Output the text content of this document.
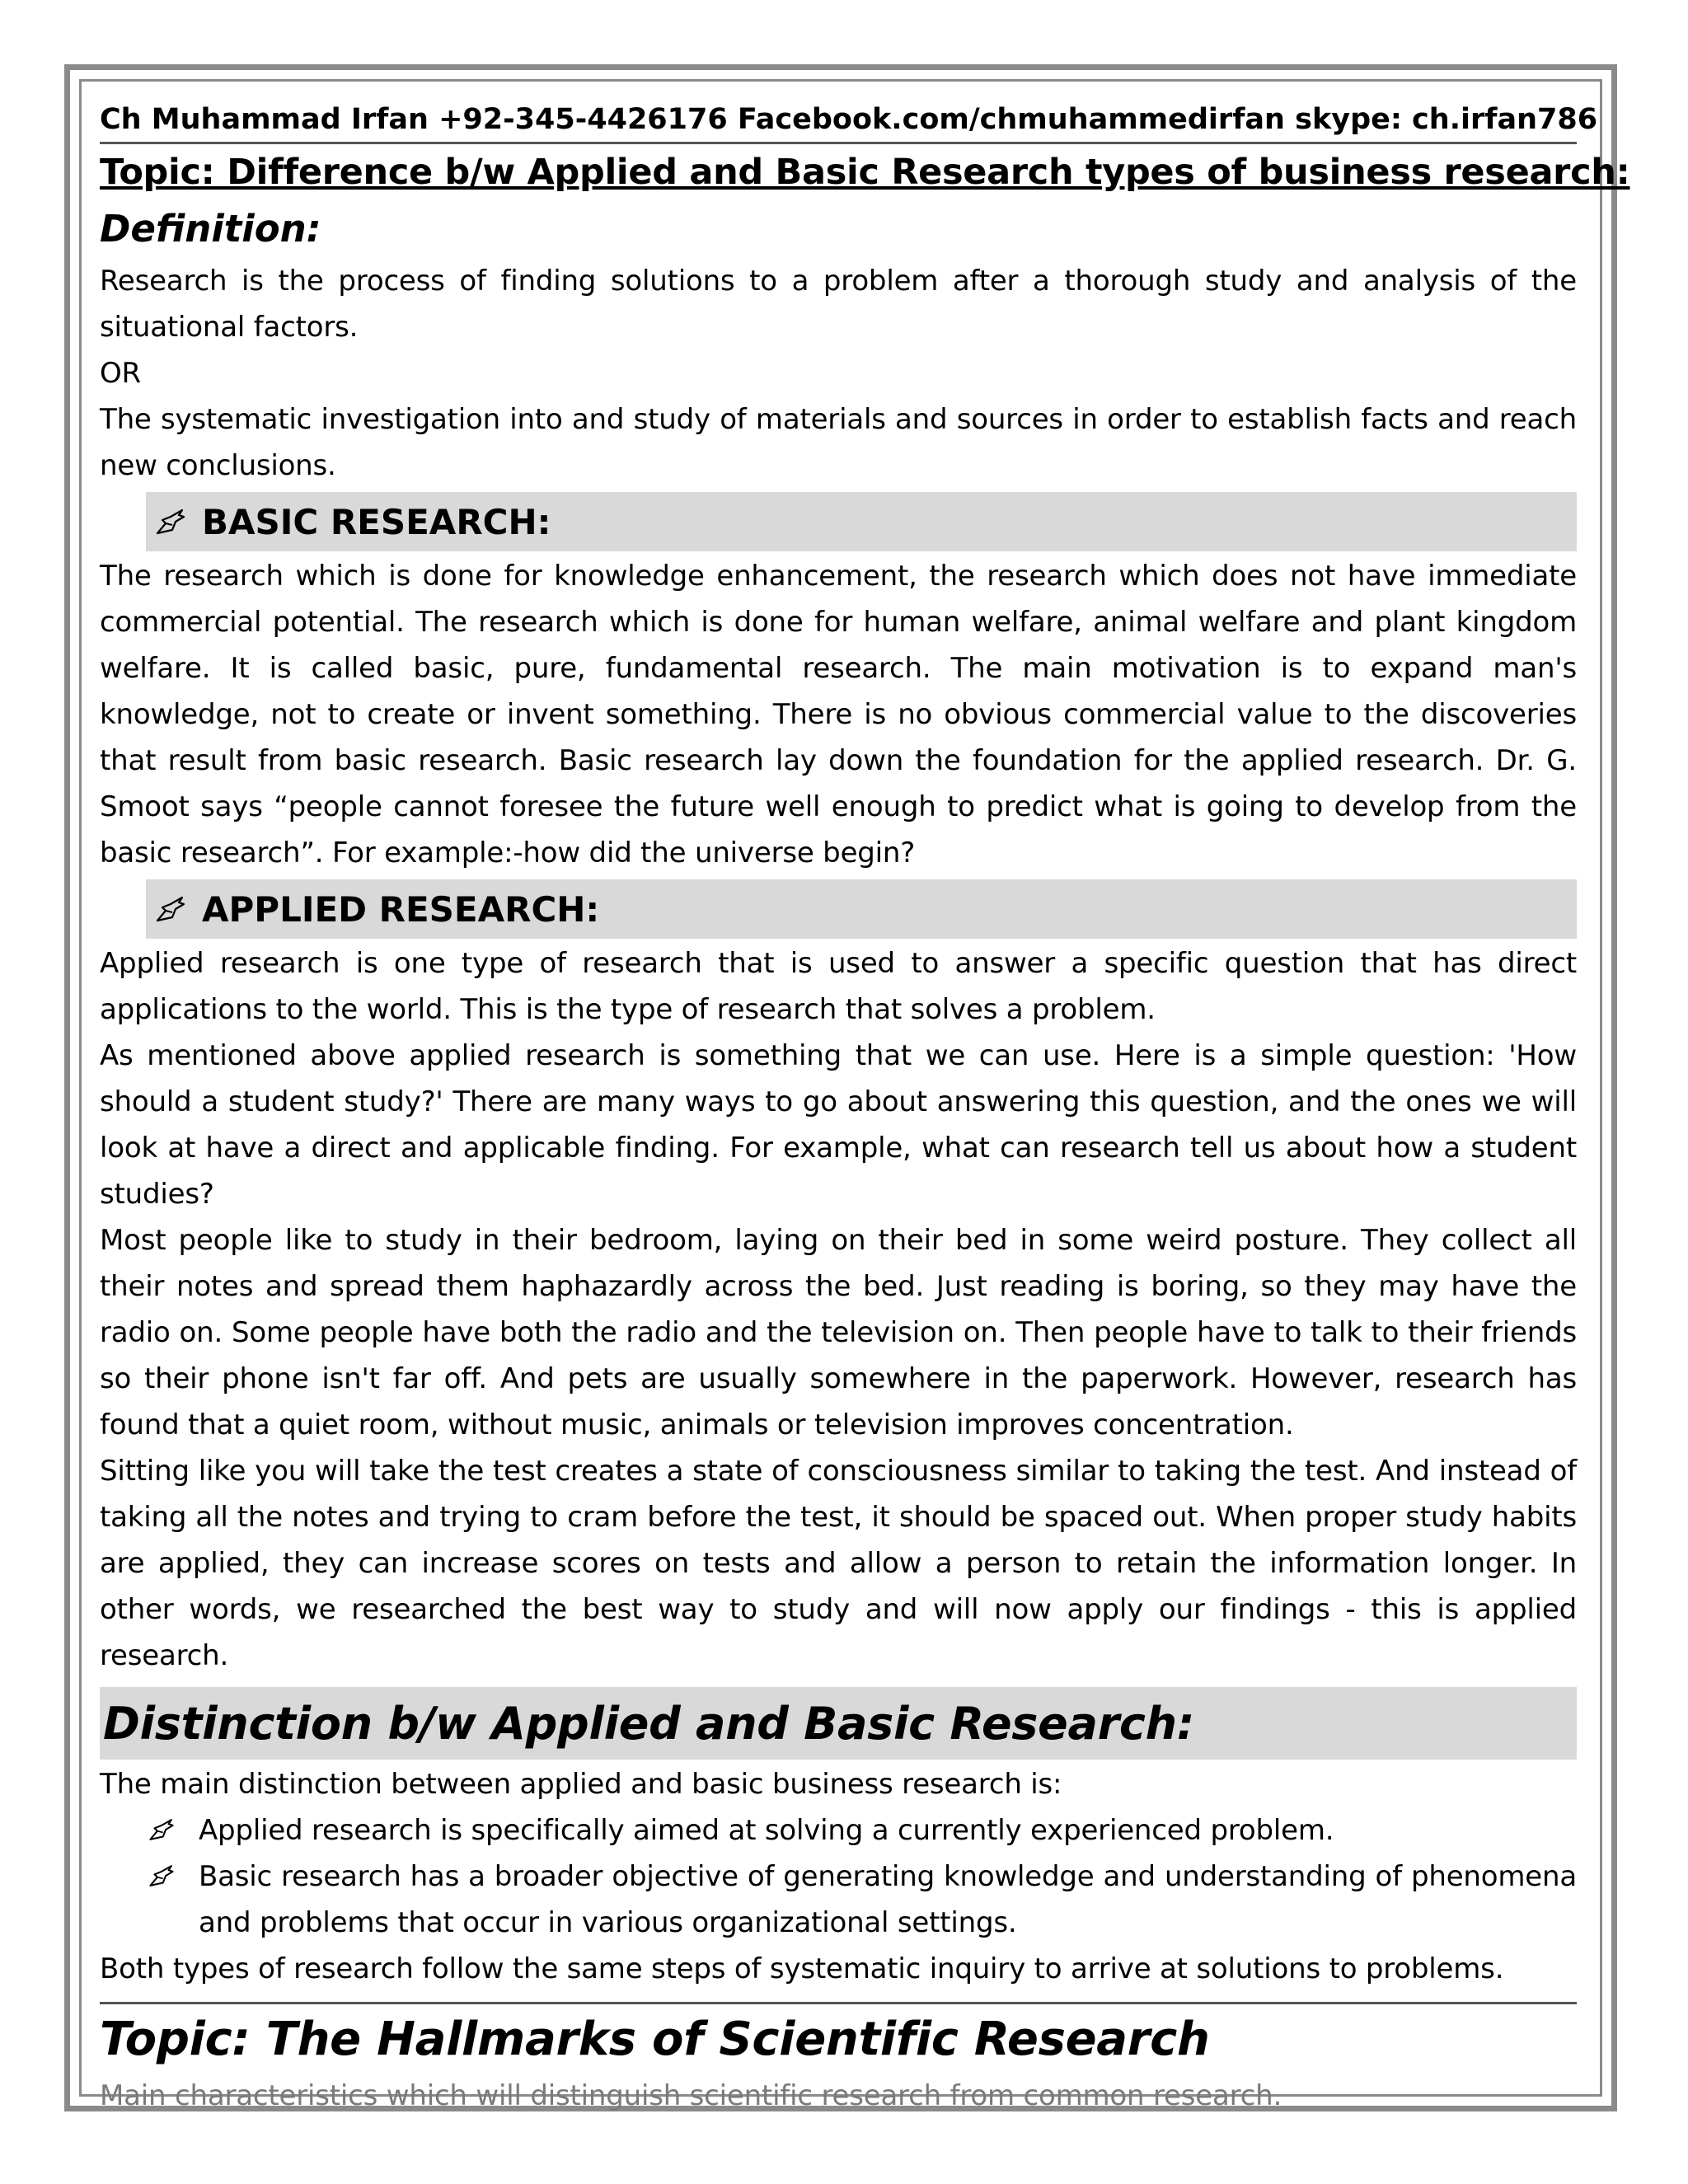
Ch Muhammad Irfan +92-345-4426176 Facebook.com/chmuhammedirfan skype: ch.irfan786
Topic: Difference b/w Applied and Basic Research types of business research:
Definition:

Research is the process of finding solutions to a problem after a thorough study and analysis of the situational factors.

OR

The systematic investigation into and study of materials and sources in order to establish facts and reach new conclusions.

BASIC RESEARCH:

The research which is done for knowledge enhancement, the research which does not have immediate commercial potential. The research which is done for human welfare, animal welfare and plant kingdom welfare. It is called basic, pure, fundamental research. The main motivation is to expand man's knowledge, not to create or invent something. There is no obvious commercial value to the discoveries that result from basic research. Basic research lay down the foundation for the applied research. Dr. G. Smoot says “people cannot foresee the future well enough to predict what is going to develop from the basic research”. For example:-how did the universe begin?

APPLIED RESEARCH:

Applied research is one type of research that is used to answer a specific question that has direct applications to the world. This is the type of research that solves a problem.

As mentioned above applied research is something that we can use. Here is a simple question: 'How should a student study?' There are many ways to go about answering this question, and the ones we will look at have a direct and applicable finding. For example, what can research tell us about how a student studies?

Most people like to study in their bedroom, laying on their bed in some weird posture. They collect all their notes and spread them haphazardly across the bed. Just reading is boring, so they may have the radio on. Some people have both the radio and the television on. Then people have to talk to their friends so their phone isn't far off. And pets are usually somewhere in the paperwork. However, research has found that a quiet room, without music, animals or television improves concentration.

Sitting like you will take the test creates a state of consciousness similar to taking the test. And instead of taking all the notes and trying to cram before the test, it should be spaced out. When proper study habits are applied, they can increase scores on tests and allow a person to retain the information longer. In other words, we researched the best way to study and will now apply our findings - this is applied research.

Distinction b/w Applied and Basic Research:

The main distinction between applied and basic business research is:

Applied research is specifically aimed at solving a currently experienced problem.
Basic research has a broader objective of generating knowledge and understanding of phenomena and problems that occur in various organizational settings.

Both types of research follow the same steps of systematic inquiry to arrive at solutions to problems.

Topic: The Hallmarks of Scientific Research
Main characteristics which will distinguish scientific research from common research.
